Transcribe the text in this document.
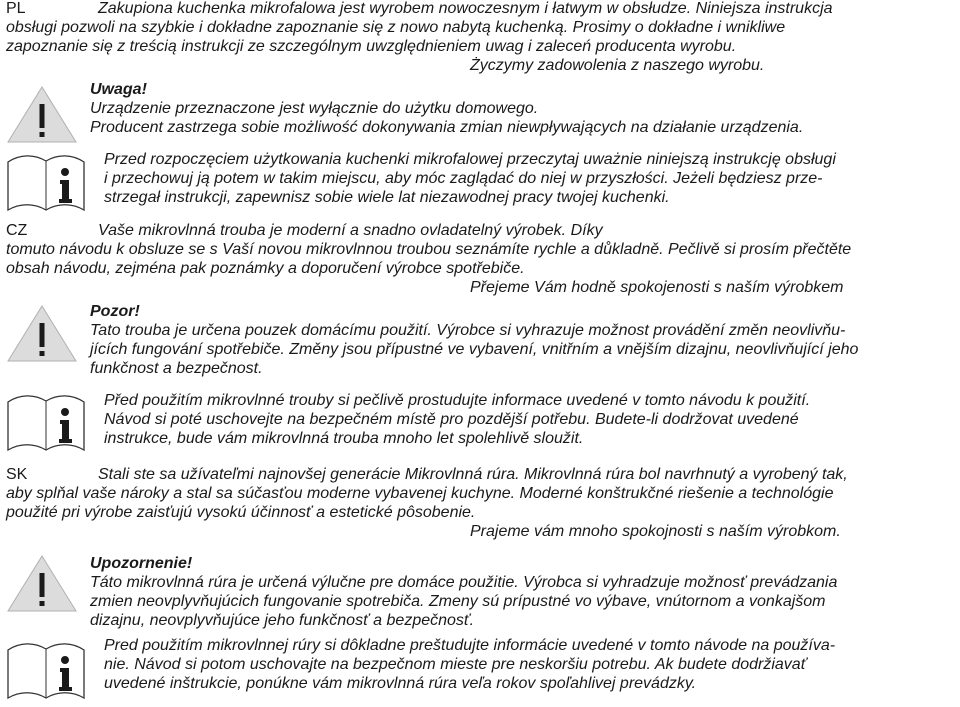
PL	Zakupiona kuchenka mikrofalowa jest wyrobem nowoczesnym i łatwym w obsłudze. Niniejsza instrukcja
obsługi pozwoli na szybkie i dokładne zapoznanie się z nowo nabytą kuchenką. Prosimy o dokładne i wnikliwe
zapoznanie się z treścią instrukcji ze szczególnym uwzględnieniem uwag i zaleceń producenta wyrobu.
Życzymy zadowolenia z naszego wyrobu.
Uwaga!
Urządzenie przeznaczone jest wyłącznie do użytku domowego.
Producent zastrzega sobie możliwość dokonywania zmian niewpływających na działanie urządzenia.
Przed rozpoczęciem użytkowania kuchenki mikrofalowej przeczytaj uważnie niniejszą instrukcję obsługi
i przechowuj ją potem w takim miejscu, aby móc zaglądać do niej w przyszłości. Jeżeli będziesz prze-
strzegał instrukcji, zapewnisz sobie wiele lat niezawodnej pracy twojej kuchenki.
CZ	Vaše mikrovlnná trouba je moderní a snadno ovladatelný výrobek. Díky
tomuto návodu k obsluze se s Vaší novou mikrovlnnou troubou seznámíte rychle a důkladně. Pečlivě si prosím přečtěte
obsah návodu, zejména pak poznámky a doporučení výrobce spotřebiče.
Přejeme Vám hodně spokojenosti s naším výrobkem
Pozor!
Tato trouba je určena pouzek domácímu použití. Výrobce si vyhrazuje možnost provádění změn neovlivňu-
jících fungování spotřebiče. Změny jsou přípustné ve vybavení, vnitřním a vnějším dizajnu, neovlivňující jeho
funkčnost a bezpečnost.
Před použitím mikrovlnné trouby si pečlivě prostudujte informace uvedené v tomto návodu k použití.
Návod si poté uschovejte na bezpečném místě pro pozdější potřebu. Budete-li dodržovat uvedené
instrukce, bude vám mikrovlnná trouba mnoho let spolehlivě sloužit.
SK	Stali ste sa užívateľmi najnovšej generácie Mikrovlnná rúra. Mikrovlnná rúra bol navrhnutý a vyrobený tak,
aby splňal vaše nároky a stal sa súčasťou moderne vybavenej kuchyne. Moderné konštrukčné riešenie a technológie
použité pri výrobe zaisťujú vysokú účinnosť a estetické pôsobenie.
Prajeme vám mnoho spokojnosti s naším výrobkom.
Upozornenie!
Táto mikrovlnná rúra je určená výlučne pre domáce použitie. Výrobca si vyhradzuje možnosť prevádzania
zmien neovplyvňujúcich fungovanie spotrebiča. Zmeny sú prípustné vo výbave, vnútornom a vonkajšom
dizajnu, neovplyvňujúce jeho funkčnosť a bezpečnosť.
Pred použitím mikrovlnnej rúry si dôkladne preštudujte informácie uvedené v tomto návode na používa-
nie. Návod si potom uschovajte na bezpečnom mieste pre neskoršiu potrebu. Ak budete dodržiavať
uvedené inštrukcie, ponúkne vám mikrovlnná rúra veľa rokov spoľahlivej prevádzky.
